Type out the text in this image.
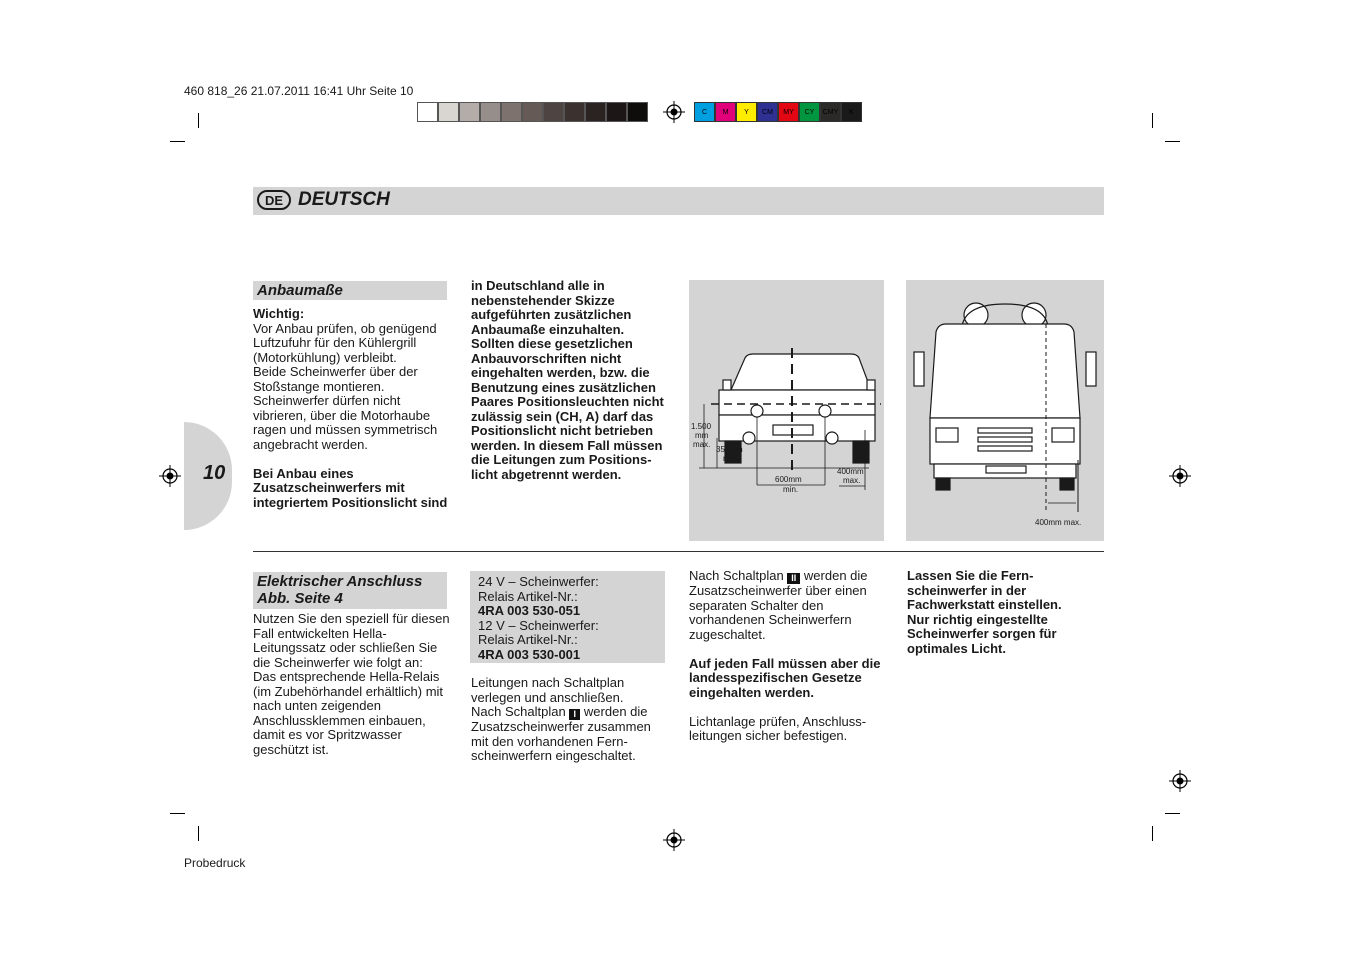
460 818_26 21.07.2011 16:41 Uhr Seite 10
Probedruck
C	M	Y	CM	MY	CY	CMY	K
DE DEUTSCH
10
Anbaumaße

Wichtig:

Vor Anbau prüfen, ob genügend

Luftzufuhr für den Kühlergrill

(Motorkühlung) verbleibt.

Beide Scheinwerfer über der

Stoßstange montieren.

Scheinwerfer dürfen nicht

vibrieren, über die Motorhaube

ragen und müssen symmetrisch

angebracht werden.

Bei Anbau eines

Zusatzscheinwerfers mit

integriertem Positionslicht sind

in Deutschland alle in

nebenstehender Skizze

aufgeführten zusätzlichen

Anbaumaße einzuhalten.

Sollten diese gesetzlichen

Anbauvorschriften nicht

eingehalten werden, bzw. die

Benutzung eines zusätzlichen

Paares Positionsleuchten nicht

zulässig sein (CH, A) darf das

Positionslicht nicht betrieben

werden. In diesem Fall müssen

die Leitungen zum Positions-

licht abgetrennt werden.

1.500
mm
max.
350mm
min.
600mm
min.
400mm
max.
400mm max.
Elektrischer Anschluss
Abb. Seite 4

Nutzen Sie den speziell für diesen

Fall entwickelten Hella-

Leitungssatz oder schließen Sie

die Scheinwerfer wie folgt an:

Das entsprechende Hella-Relais

(im Zubehörhandel erhältlich) mit

nach unten zeigenden

Anschlussklemmen einbauen,

damit es vor Spritzwasser

geschützt ist.

24 V – Scheinwerfer:

Relais Artikel-Nr.:

4RA 003 530-051

12 V – Scheinwerfer:

Relais Artikel-Nr.:

4RA 003 530-001

Leitungen nach Schaltplan

verlegen und anschließen.

Nach Schaltplan I werden die

Zusatzscheinwerfer zusammen

mit den vorhandenen Fern-

scheinwerfern eingeschaltet.

Nach Schaltplan II werden die

Zusatzscheinwerfer über einen

separaten Schalter den

vorhandenen Scheinwerfern

zugeschaltet.

Auf jeden Fall müssen aber die

landesspezifischen Gesetze

eingehalten werden.

Lichtanlage prüfen, Anschluss-

leitungen sicher befestigen.

Lassen Sie die Fern-

scheinwerfer in der

Fachwerkstatt einstellen.

Nur richtig eingestellte

Scheinwerfer sorgen für

optimales Licht.
